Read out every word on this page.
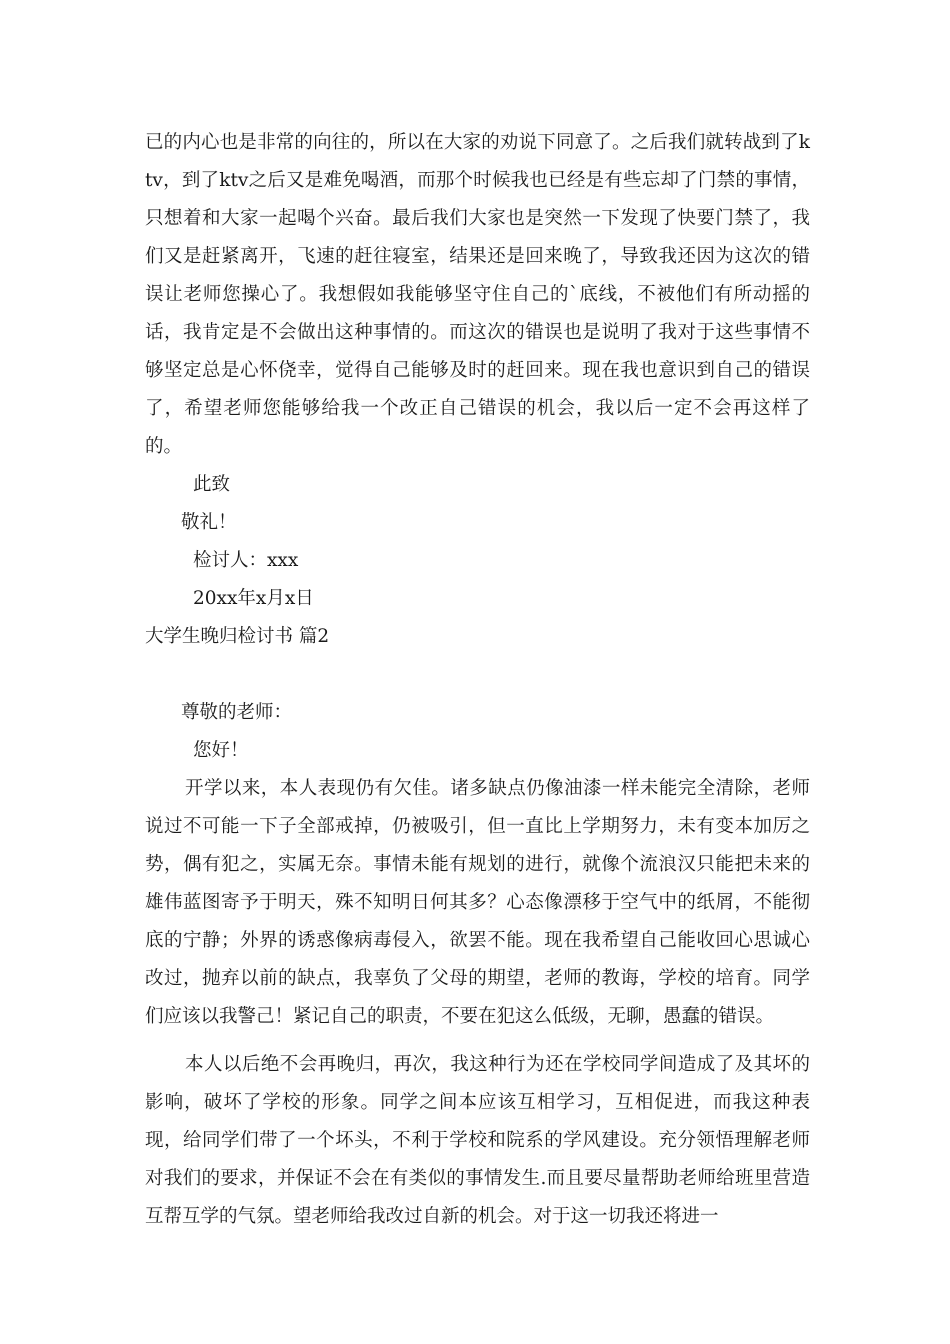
已的内心也是非常的向往的，所以在大家的劝说下同意了。之后我们就转战到了ktv，到了ktv之后又是难免喝酒，而那个时候我也已经是有些忘却了门禁的事情，只想着和大家一起喝个兴奋。最后我们大家也是突然一下发现了快要门禁了，我们又是赶紧离开，飞速的赶往寝室，结果还是回来晚了，导致我还因为这次的错误让老师您操心了。我想假如我能够坚守住自己的`底线，不被他们有所动摇的话，我肯定是不会做出这种事情的。而这次的错误也是说明了我对于这些事情不够坚定总是心怀侥幸，觉得自己能够及时的赶回来。现在我也意识到自己的错误了，希望老师您能够给我一个改正自己错误的机会，我以后一定不会再这样了的。

此致

敬礼！

检讨人：xxx

20xx年x月x日

大学生晚归检讨书 篇2

尊敬的老师：

您好！

开学以来，本人表现仍有欠佳。诸多缺点仍像油漆一样未能完全清除，老师说过不可能一下子全部戒掉，仍被吸引，但一直比上学期努力，未有变本加厉之势，偶有犯之，实属无奈。事情未能有规划的进行，就像个流浪汉只能把未来的雄伟蓝图寄予于明天，殊不知明日何其多？心态像漂移于空气中的纸屑，不能彻底的宁静；外界的诱惑像病毒侵入，欲罢不能。现在我希望自己能收回心思诚心改过，抛弃以前的缺点，我辜负了父母的期望，老师的教诲，学校的培育。同学们应该以我警己！紧记自己的职责，不要在犯这么低级，无聊，愚蠢的错误。

本人以后绝不会再晚归，再次，我这种行为还在学校同学间造成了及其坏的影响，破坏了学校的形象。同学之间本应该互相学习，互相促进，而我这种表现，给同学们带了一个坏头，不利于学校和院系的学风建设。充分领悟理解老师对我们的要求，并保证不会在有类似的事情发生.而且要尽量帮助老师给班里营造互帮互学的气氛。望老师给我改过自新的机会。对于这一切我还将进一
